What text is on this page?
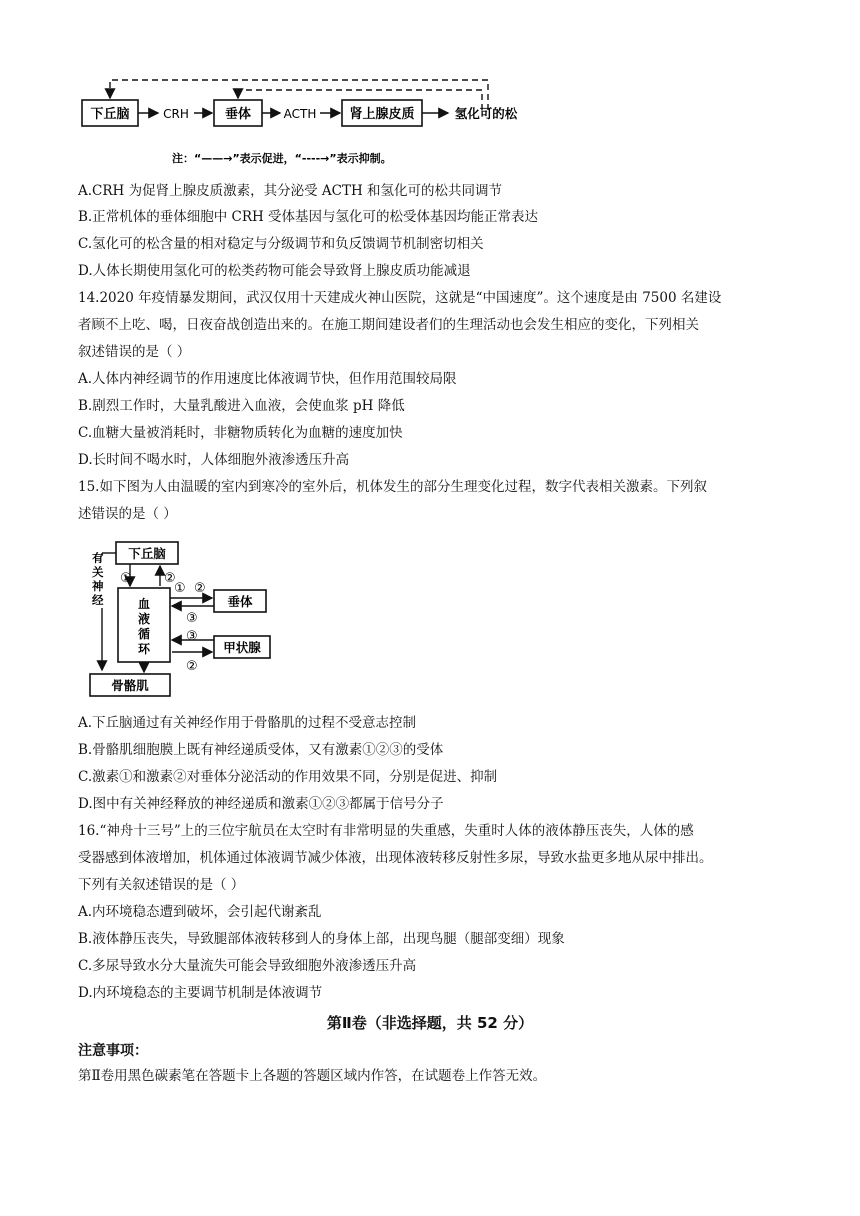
下丘脑	CRH	垂体	ACTH	肾上腺皮质	氢化可的松
注：“——→”表示促进，“----→”表示抑制。
A.CRH 为促肾上腺皮质激素，其分泌受 ACTH 和氢化可的松共同调节
B.正常机体的垂体细胞中 CRH 受体基因与氢化可的松受体基因均能正常表达
C.氢化可的松含量的相对稳定与分级调节和负反馈调节机制密切相关
D.人体长期使用氢化可的松类药物可能会导致肾上腺皮质功能减退
14.2020 年疫情暴发期间，武汉仅用十天建成火神山医院，这就是“中国速度”。这个速度是由 7500 名建设
者顾不上吃、喝，日夜奋战创造出来的。在施工期间建设者们的生理活动也会发生相应的变化，下列相关
叙述错误的是（ ）
A.人体内神经调节的作用速度比体液调节快，但作用范围较局限
B.剧烈工作时，大量乳酸进入血液，会使血浆 pH 降低
C.血糖大量被消耗时，非糖物质转化为血糖的速度加快
D.长时间不喝水时，人体细胞外液渗透压升高
15.如下图为人由温暖的室内到寒冷的室外后，机体发生的部分生理变化过程，数字代表相关激素。下列叙
述错误的是（ ）
下丘脑
有
关
神
经	血
液
循
环
① ②
① ②
垂体
③
③
甲状腺
②
骨骼肌
A.下丘脑通过有关神经作用于骨骼肌的过程不受意志控制
B.骨骼肌细胞膜上既有神经递质受体，又有激素①②③的受体
C.激素①和激素②对垂体分泌活动的作用效果不同，分别是促进、抑制
D.图中有关神经释放的神经递质和激素①②③都属于信号分子
16.“神舟十三号”上的三位宇航员在太空时有非常明显的失重感，失重时人体的液体静压丧失，人体的感
受器感到体液增加，机体通过体液调节减少体液，出现体液转移反射性多尿，导致水盐更多地从尿中排出。
下列有关叙述错误的是（ ）
A.内环境稳态遭到破坏，会引起代谢紊乱
B.液体静压丧失，导致腿部体液转移到人的身体上部，出现鸟腿（腿部变细）现象
C.多尿导致水分大量流失可能会导致细胞外液渗透压升高
D.内环境稳态的主要调节机制是体液调节
第Ⅱ卷（非选择题，共 52 分）
注意事项：
第Ⅱ卷用黑色碳素笔在答题卡上各题的答题区域内作答，在试题卷上作答无效。
